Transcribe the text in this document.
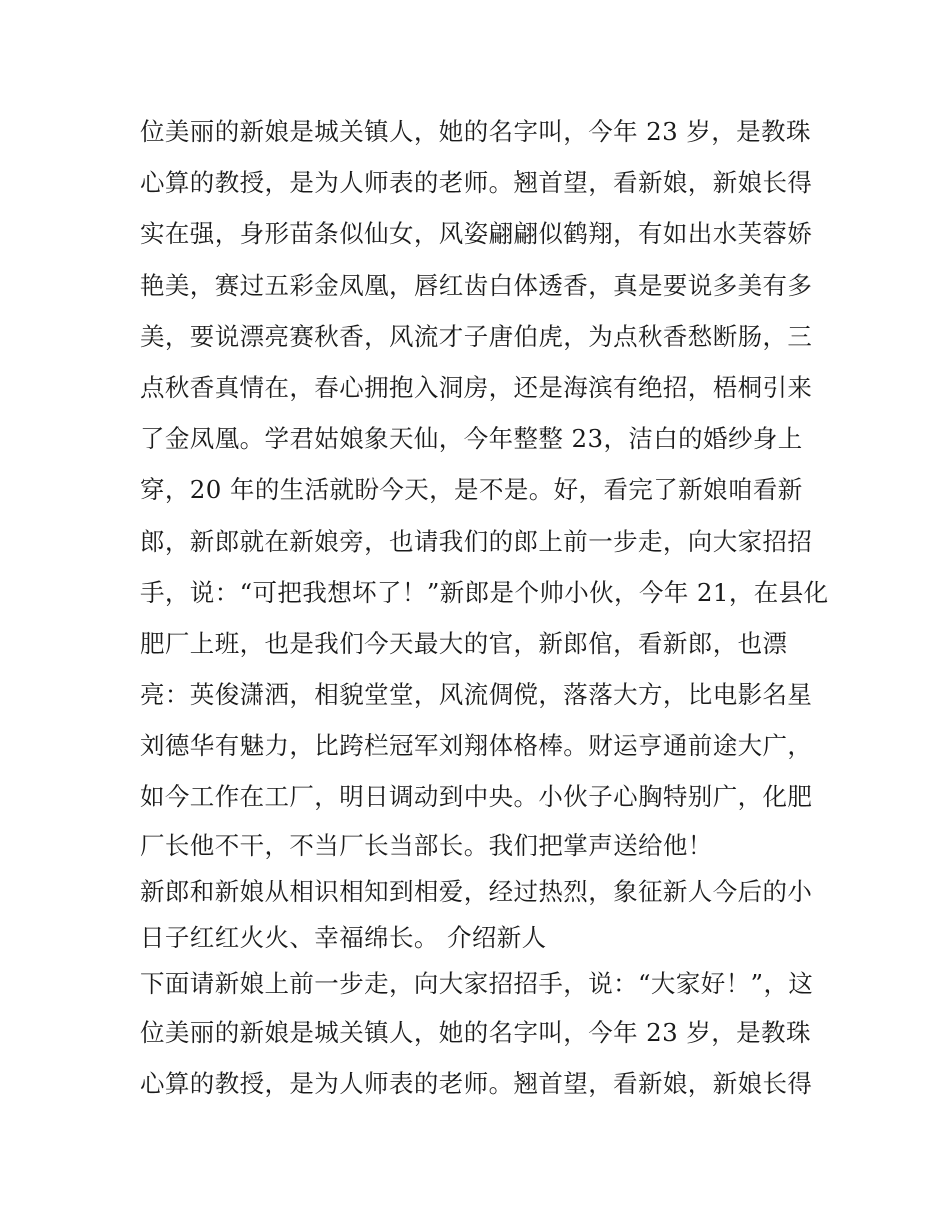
位美丽的新娘是城关镇人，她的名字叫，今年 23 岁，是教珠
心算的教授，是为人师表的老师。翘首望，看新娘，新娘长得
实在强，身形苗条似仙女，风姿翩翩似鹤翔，有如出水芙蓉娇
艳美，赛过五彩金凤凰，唇红齿白体透香，真是要说多美有多
美，要说漂亮赛秋香，风流才子唐伯虎，为点秋香愁断肠，三
点秋香真情在，春心拥抱入洞房，还是海滨有绝招，梧桐引来
了金凤凰。学君姑娘象天仙，今年整整 23，洁白的婚纱身上
穿，20 年的生活就盼今天，是不是。好，看完了新娘咱看新
郎，新郎就在新娘旁，也请我们的郎上前一步走，向大家招招
手，说：“可把我想坏了！”新郎是个帅小伙，今年 21，在县化
肥厂上班，也是我们今天最大的官，新郎倌，看新郎，也漂
亮：英俊潇洒，相貌堂堂，风流倜傥，落落大方，比电影名星
刘德华有魅力，比跨栏冠军刘翔体格棒。财运亨通前途大广，
如今工作在工厂，明日调动到中央。小伙子心胸特别广，化肥
厂长他不干，不当厂长当部长。我们把掌声送给他！
新郎和新娘从相识相知到相爱，经过热烈，象征新人今后的小
日子红红火火、幸福绵长。 介绍新人
下面请新娘上前一步走，向大家招招手，说：“大家好！”，这
位美丽的新娘是城关镇人，她的名字叫，今年 23 岁，是教珠
心算的教授，是为人师表的老师。翘首望，看新娘，新娘长得
